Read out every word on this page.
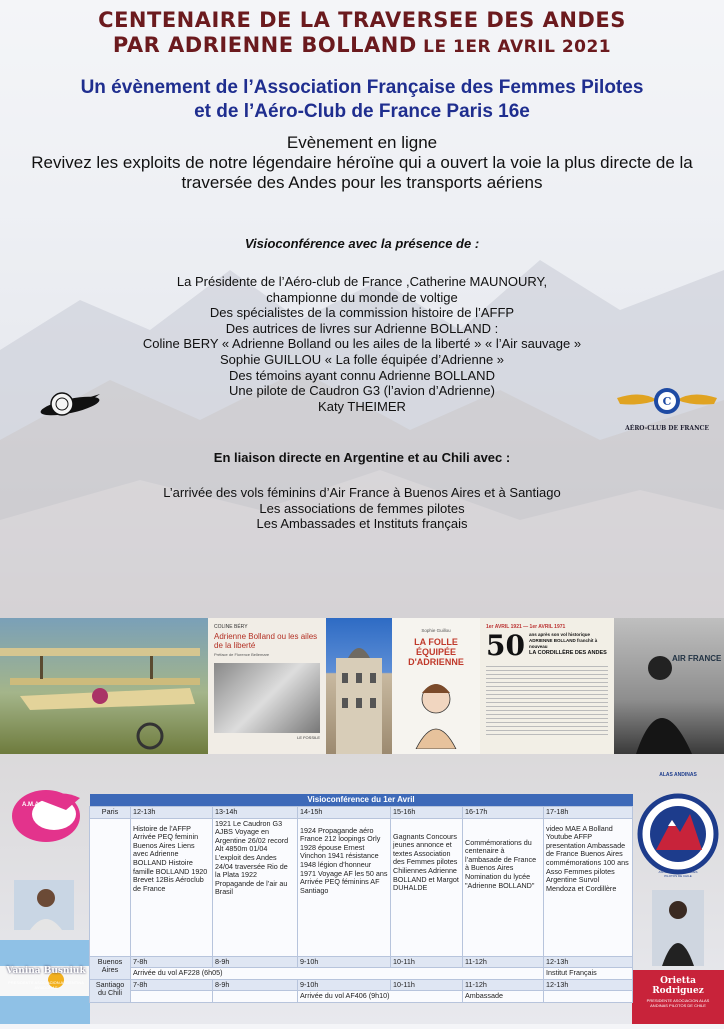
CENTENAIRE DE LA TRAVERSEE DES ANDES
PAR ADRIENNE BOLLAND LE 1ER AVRIL 2021
Un évènement de l’Association Française des Femmes Pilotes
et de l’Aéro-Club de France Paris 16e
Evènement en ligne
Revivez les exploits de notre légendaire héroïne qui a ouvert la voie la plus directe de la traversée des Andes pour les transports aériens
Visioconférence avec la présence de :
La Présidente de l’Aéro-club de France ,Catherine MAUNOURY,
championne du monde de voltige
Des spécialistes de la commission histoire de l’AFFP
Des autrices de livres sur Adrienne BOLLAND :
Coline BERY « Adrienne Bolland ou les ailes de la liberté » « l’Air sauvage »
Sophie GUILLOU « La folle équipée d’Adrienne »
Des témoins ayant connu Adrienne BOLLAND
Une pilote de Caudron G3 (l’avion d’Adrienne)
Katy THEIMER
En liaison directe en Argentine et au Chili avec :
L’arrivée des vols féminins d’Air France à Buenos Aires et à Santiago
Les associations de femmes pilotes
Les Ambassades et Instituts français
C
AÉRO-CLUB DE FRANCE
COLINE BÉRY
Adrienne Bolland ou les ailes de la liberté
Préface de Florence Bellemare
LE FOSSILE
Sophie Guillou
LA FOLLE ÉQUIPÉE D'ADRIENNE
1er AVRIL 1921 — 1er AVRIL 1971
50 ans après son vol historique
ADRIENNE BOLLAND franchit à nouveau
LA CORDILLÈRE DES ANDES
AIR FRANCE
A.M.A.A
Vanina Busniuk
PRESIDENTE ASOCIACION ARGENTINA AVIADORAS
ALAS ANDINAS
ASOCIACION DE MUJERES PILOTOS DE CHILE
Orietta Rodriguez
PRESIDENTE ASOCIACION ALAS ANDINAS PILOTOS DE CHILE
Visioconférence du 1er Avril						
Paris	12-13h	13-14h	14-15h	15-16h	16-17h	17-18h
	Histoire de l’AFFP Arrivée PEQ feminin Buenos Aires Liens avec Adrienne BOLLAND Histoire famille BOLLAND 1920 Brevet 12Bis Aéroclub de France	1921 Le Caudron G3 AJBS Voyage en Argentine 26/02 record Alt 4850m 01/04 L’exploit des Andes 24/04 traversée Rio de la Plata 1922 Propagande de l’air au Brasil	1924 Propagande aéro France 212 loopings Orly 1928 épouse Ernest Vinchon 1941 résistance 1948 légion d’honneur 1971 Voyage AF les 50 ans Arrivée PEQ féminins AF Santiago	Gagnants Concours jeunes annonce et textes Association des Femmes pilotes Chiliennes Adrienne BOLLAND et Margot DUHALDE	Commémorations du centenaire à l’ambasade de France à Buenos Aires Nomination du lycée "Adrienne BOLLAND"	video MAE A Bolland Youtube AFFP presentation Ambassade de France Buenos Aires commémorations 100 ans Asso Femmes pilotes Argentine Survol Mendoza et Cordillère
Buenos Aires	7-8h	8-9h	9-10h	10-11h	11-12h	12-13h
	Arrivée du vol AF228 (6h05)					Institut Français
Santiago du Chili	7-8h	8-9h	9-10h	10-11h	11-12h	12-13h
			Arrivée du vol AF406 (9h10)		Ambassade	
